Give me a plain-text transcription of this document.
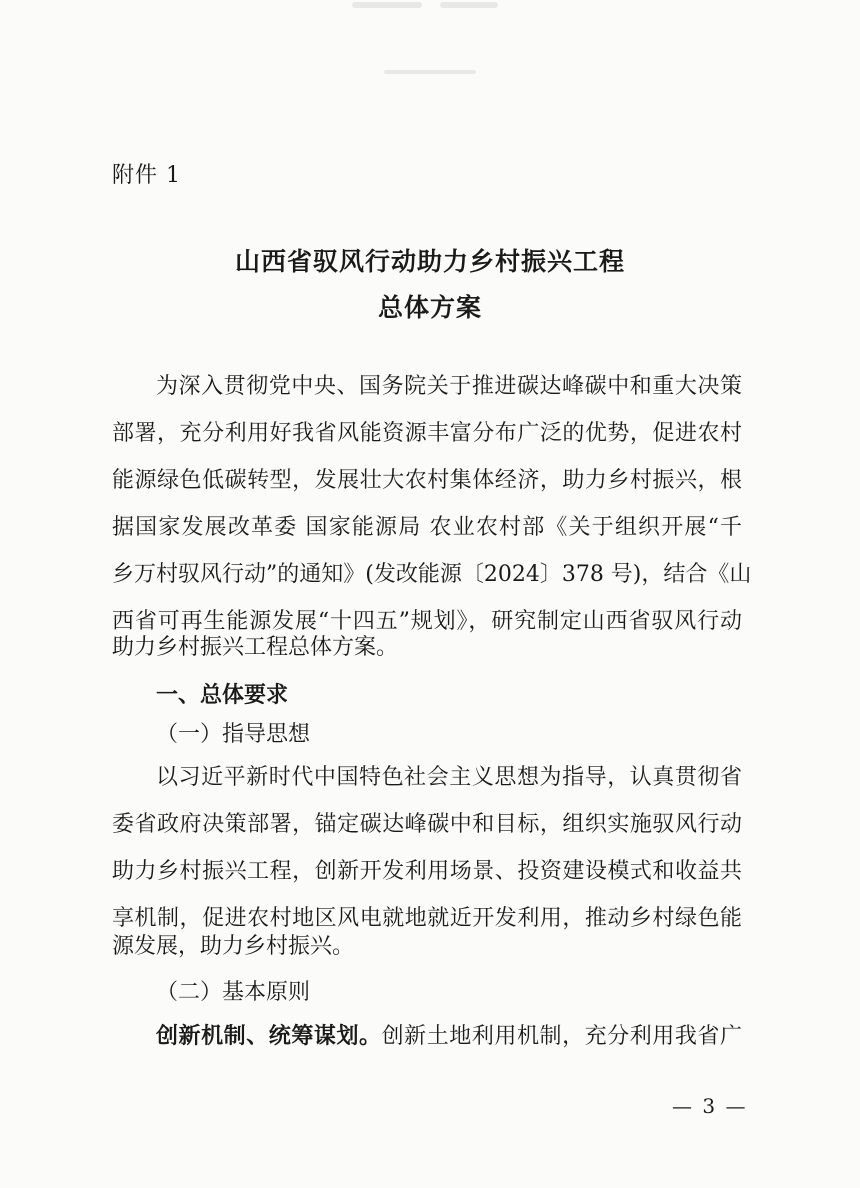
附件 1
山西省驭风行动助力乡村振兴工程
总体方案
为深入贯彻党中央、国务院关于推进碳达峰碳中和重大决策
部署，充分利用好我省风能资源丰富分布广泛的优势，促进农村
能源绿色低碳转型，发展壮大农村集体经济，助力乡村振兴，根
据国家发展改革委 国家能源局 农业农村部《关于组织开展“千
乡万村驭风行动”的通知》(发改能源〔2024〕378 号)，结合《山
西省可再生能源发展“十四五”规划》，研究制定山西省驭风行动
助力乡村振兴工程总体方案。
一、总体要求
（一）指导思想
以习近平新时代中国特色社会主义思想为指导，认真贯彻省
委省政府决策部署，锚定碳达峰碳中和目标，组织实施驭风行动
助力乡村振兴工程，创新开发利用场景、投资建设模式和收益共
享机制，促进农村地区风电就地就近开发利用，推动乡村绿色能
源发展，助力乡村振兴。
（二）基本原则
创新机制、统筹谋划。创新土地利用机制，充分利用我省广
— 3 —
